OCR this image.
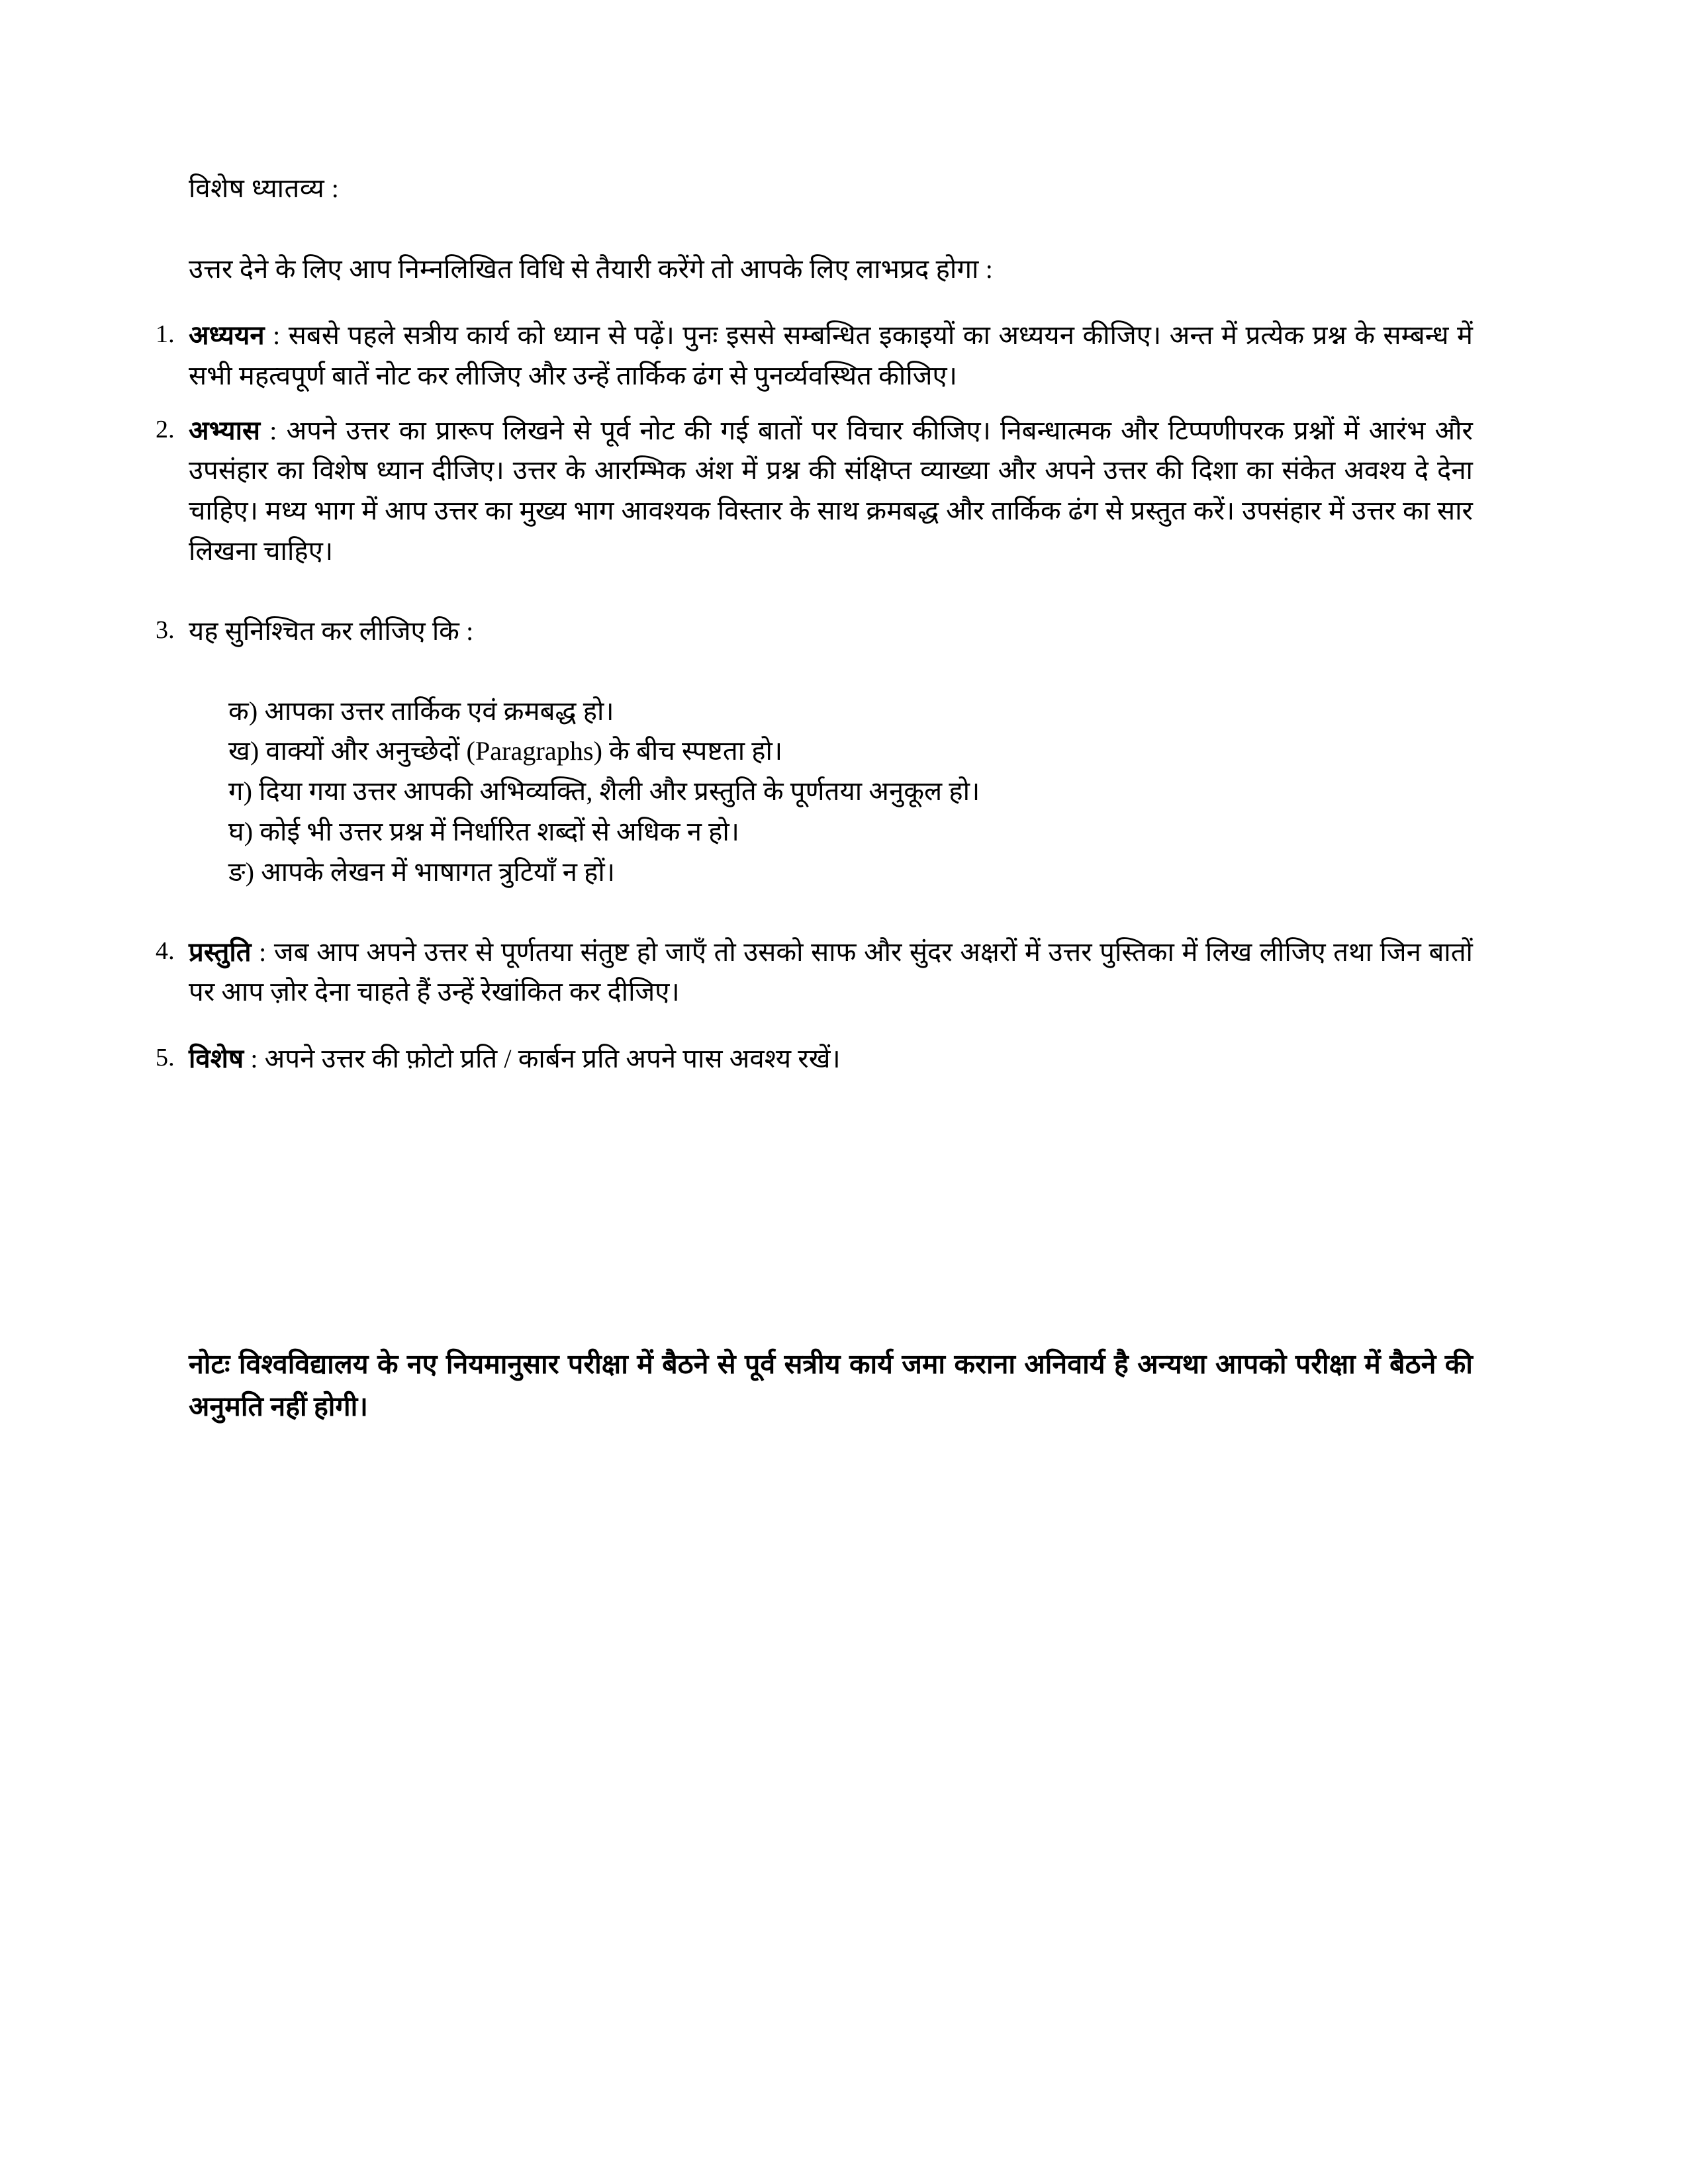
विशेष ध्यातव्य :
उत्तर देने के लिए आप निम्नलिखित विधि से तैयारी करेंगे तो आपके लिए लाभप्रद होगा :
1. अध्ययन : सबसे पहले सत्रीय कार्य को ध्यान से पढ़ें। पुनः इससे सम्बन्धित इकाइयों का अध्ययन कीजिए। अन्त में प्रत्येक प्रश्न के सम्बन्ध में सभी महत्वपूर्ण बातें नोट कर लीजिए और उन्हें तार्किक ढंग से पुनर्व्यवस्थित कीजिए।
2. अभ्यास : अपने उत्तर का प्रारूप लिखने से पूर्व नोट की गई बातों पर विचार कीजिए। निबन्धात्मक और टिप्पणीपरक प्रश्नों में आरंभ और उपसंहार का विशेष ध्यान दीजिए। उत्तर के आरम्भिक अंश में प्रश्न की संक्षिप्त व्याख्या और अपने उत्तर की दिशा का संकेत अवश्य दे देना चाहिए। मध्य भाग में आप उत्तर का मुख्य भाग आवश्यक विस्तार के साथ क्रमबद्ध और तार्किक ढंग से प्रस्तुत करें। उपसंहार में उत्तर का सार लिखना चाहिए।
3. यह सुनिश्चित कर लीजिए कि :
क) आपका उत्तर तार्किक एवं क्रमबद्ध हो।
ख) वाक्यों और अनुच्छेदों (Paragraphs) के बीच स्पष्टता हो।
ग) दिया गया उत्तर आपकी अभिव्यक्ति, शैली और प्रस्तुति के पूर्णतया अनुकूल हो।
घ) कोई भी उत्तर प्रश्न में निर्धारित शब्दों से अधिक न हो।
ङ) आपके लेखन में भाषागत त्रुटियाँ न हों।
4. प्रस्तुति : जब आप अपने उत्तर से पूर्णतया संतुष्ट हो जाएँ तो उसको साफ और सुंदर अक्षरों में उत्तर पुस्तिका में लिख लीजिए तथा जिन बातों पर आप ज़ोर देना चाहते हैं उन्हें रेखांकित कर दीजिए।
5. विशेष : अपने उत्तर की फ़ोटो प्रति / कार्बन प्रति अपने पास अवश्य रखें।
नोटः विश्वविद्यालय के नए नियमानुसार परीक्षा में बैठने से पूर्व सत्रीय कार्य जमा कराना अनिवार्य है अन्यथा आपको परीक्षा में बैठने की अनुमति नहीं होगी।
